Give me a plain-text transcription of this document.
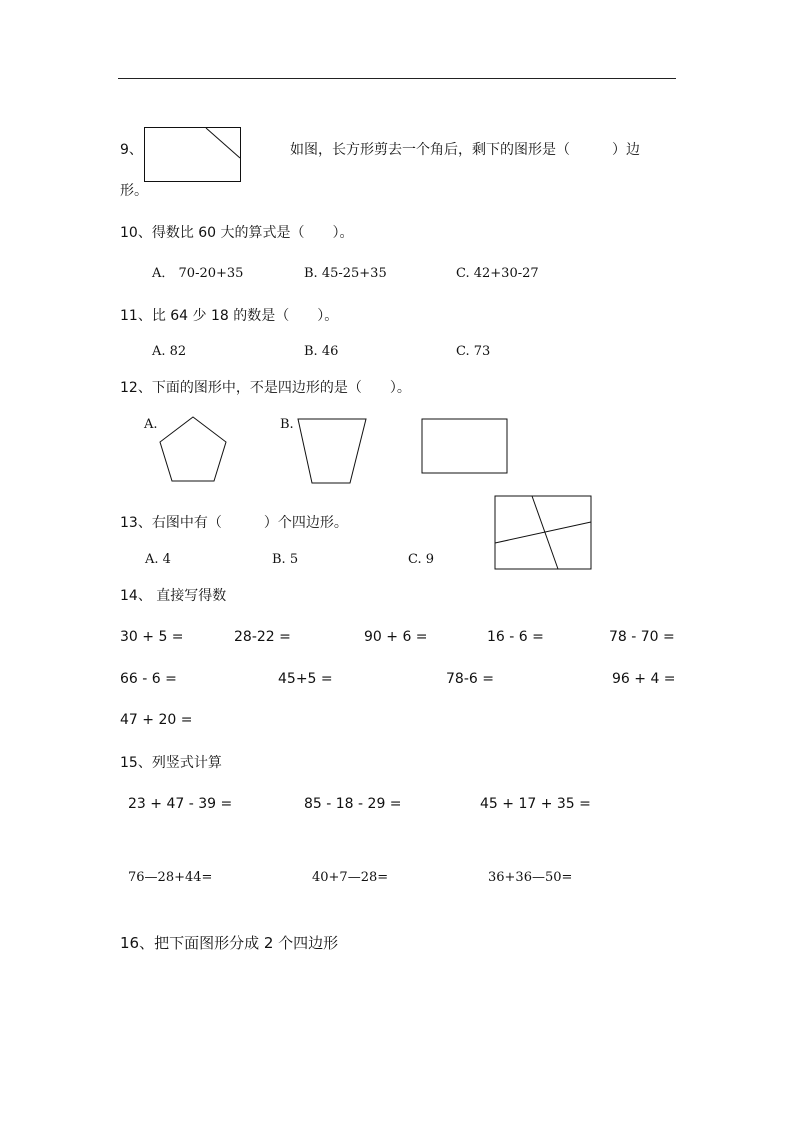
9、	如图，长方形剪去一个角后，剩下的图形是（　　　）边
形。
10、得数比 60 大的算式是（　　）。
A． 70-20+35	B. 45-25+35	C. 42+30-27
11、比 64 少 18 的数是（　　）。
A. 82	B. 46	C. 73
12、下面的图形中，不是四边形的是（　　）。
A.	B.
13、右图中有（　　　）个四边形。
A. 4	B. 5	C. 9
14、 直接写得数
30 + 5 =	28-22 =	90 + 6 =	16 - 6 =	78 - 70 =
66 - 6 =	45+5 =	78-6 =	96 + 4 =
47 + 20 =
15、列竖式计算
23 + 47 - 39 =	85 - 18 - 29 =	45 + 17 + 35 =
76—28+44=	40+7—28=	36+36—50=
16、把下面图形分成 2 个四边形
